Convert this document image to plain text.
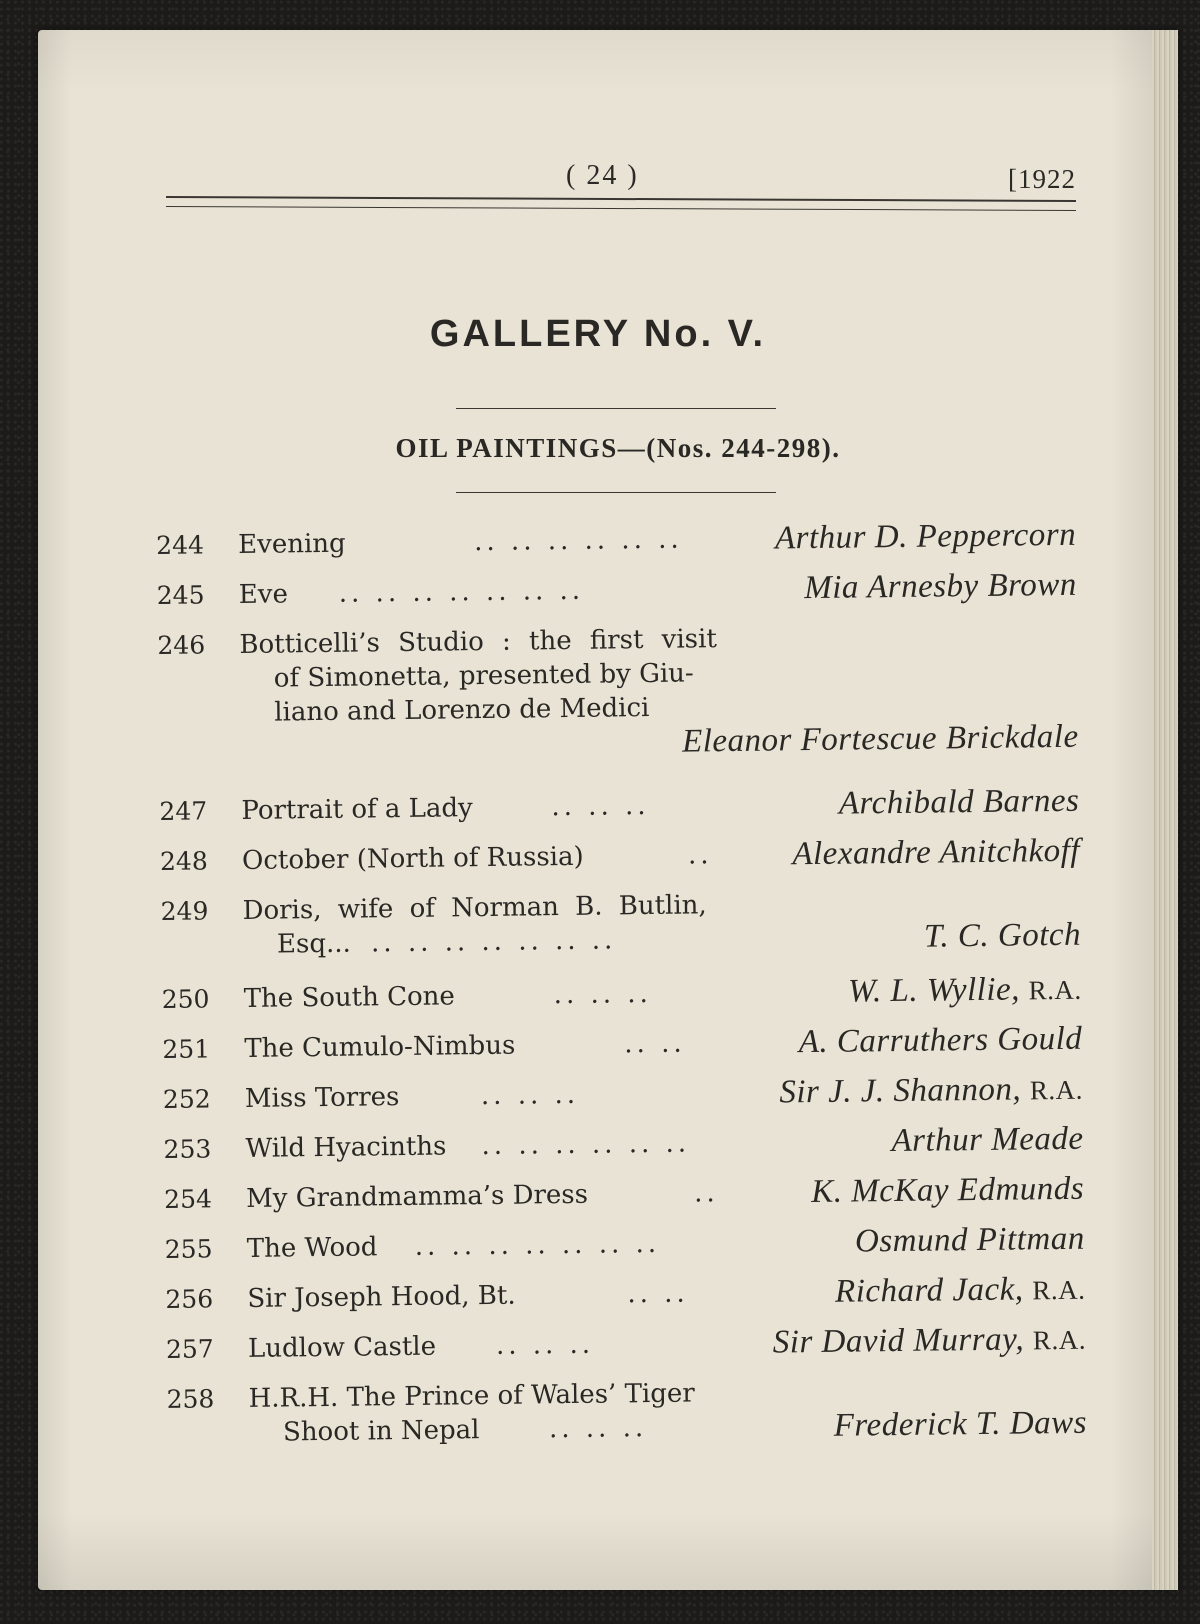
( 24 )	[1922
GALLERY No. V.
OIL PAINTINGS—(Nos. 244-298).
244	Evening	.. .. .. .. .. ..	Arthur D. Peppercorn
245	Eve .. .. .. .. .. .. ..	Mia Arnesby Brown
246	Botticelli’s Studio : the first visit
of Simonetta, presented by Giu-
liano and Lorenzo de Medici
Eleanor Fortescue Brickdale
247	Portrait of a Lady	.. .. ..	Archibald Barnes
248	October (North of Russia)	.. Alexandre Anitchkoff
249	Doris, wife of Norman B. Butlin,
Esq... .. .. .. .. .. .. ..	T. C. Gotch
250	The South Cone	.. .. ..	W. L. Wyllie, R.A.
251	The Cumulo-Nimbus	.. ..	A. Carruthers Gould
252	Miss Torres	.. .. ..	Sir J. J. Shannon, R.A.
253	Wild Hyacinths .. .. .. .. .. ..	Arthur Meade
254	My Grandmamma’s Dress	..	K. McKay Edmunds
255	The Wood .. .. .. .. .. .. ..	Osmund Pittman
256	Sir Joseph Hood, Bt.	.. ..	Richard Jack, R.A.
257	Ludlow Castle .. .. ..	Sir David Murray, R.A.
258	H.R.H. The Prince of Wales’ Tiger
Shoot in Nepal	.. .. ..	Frederick T. Daws
